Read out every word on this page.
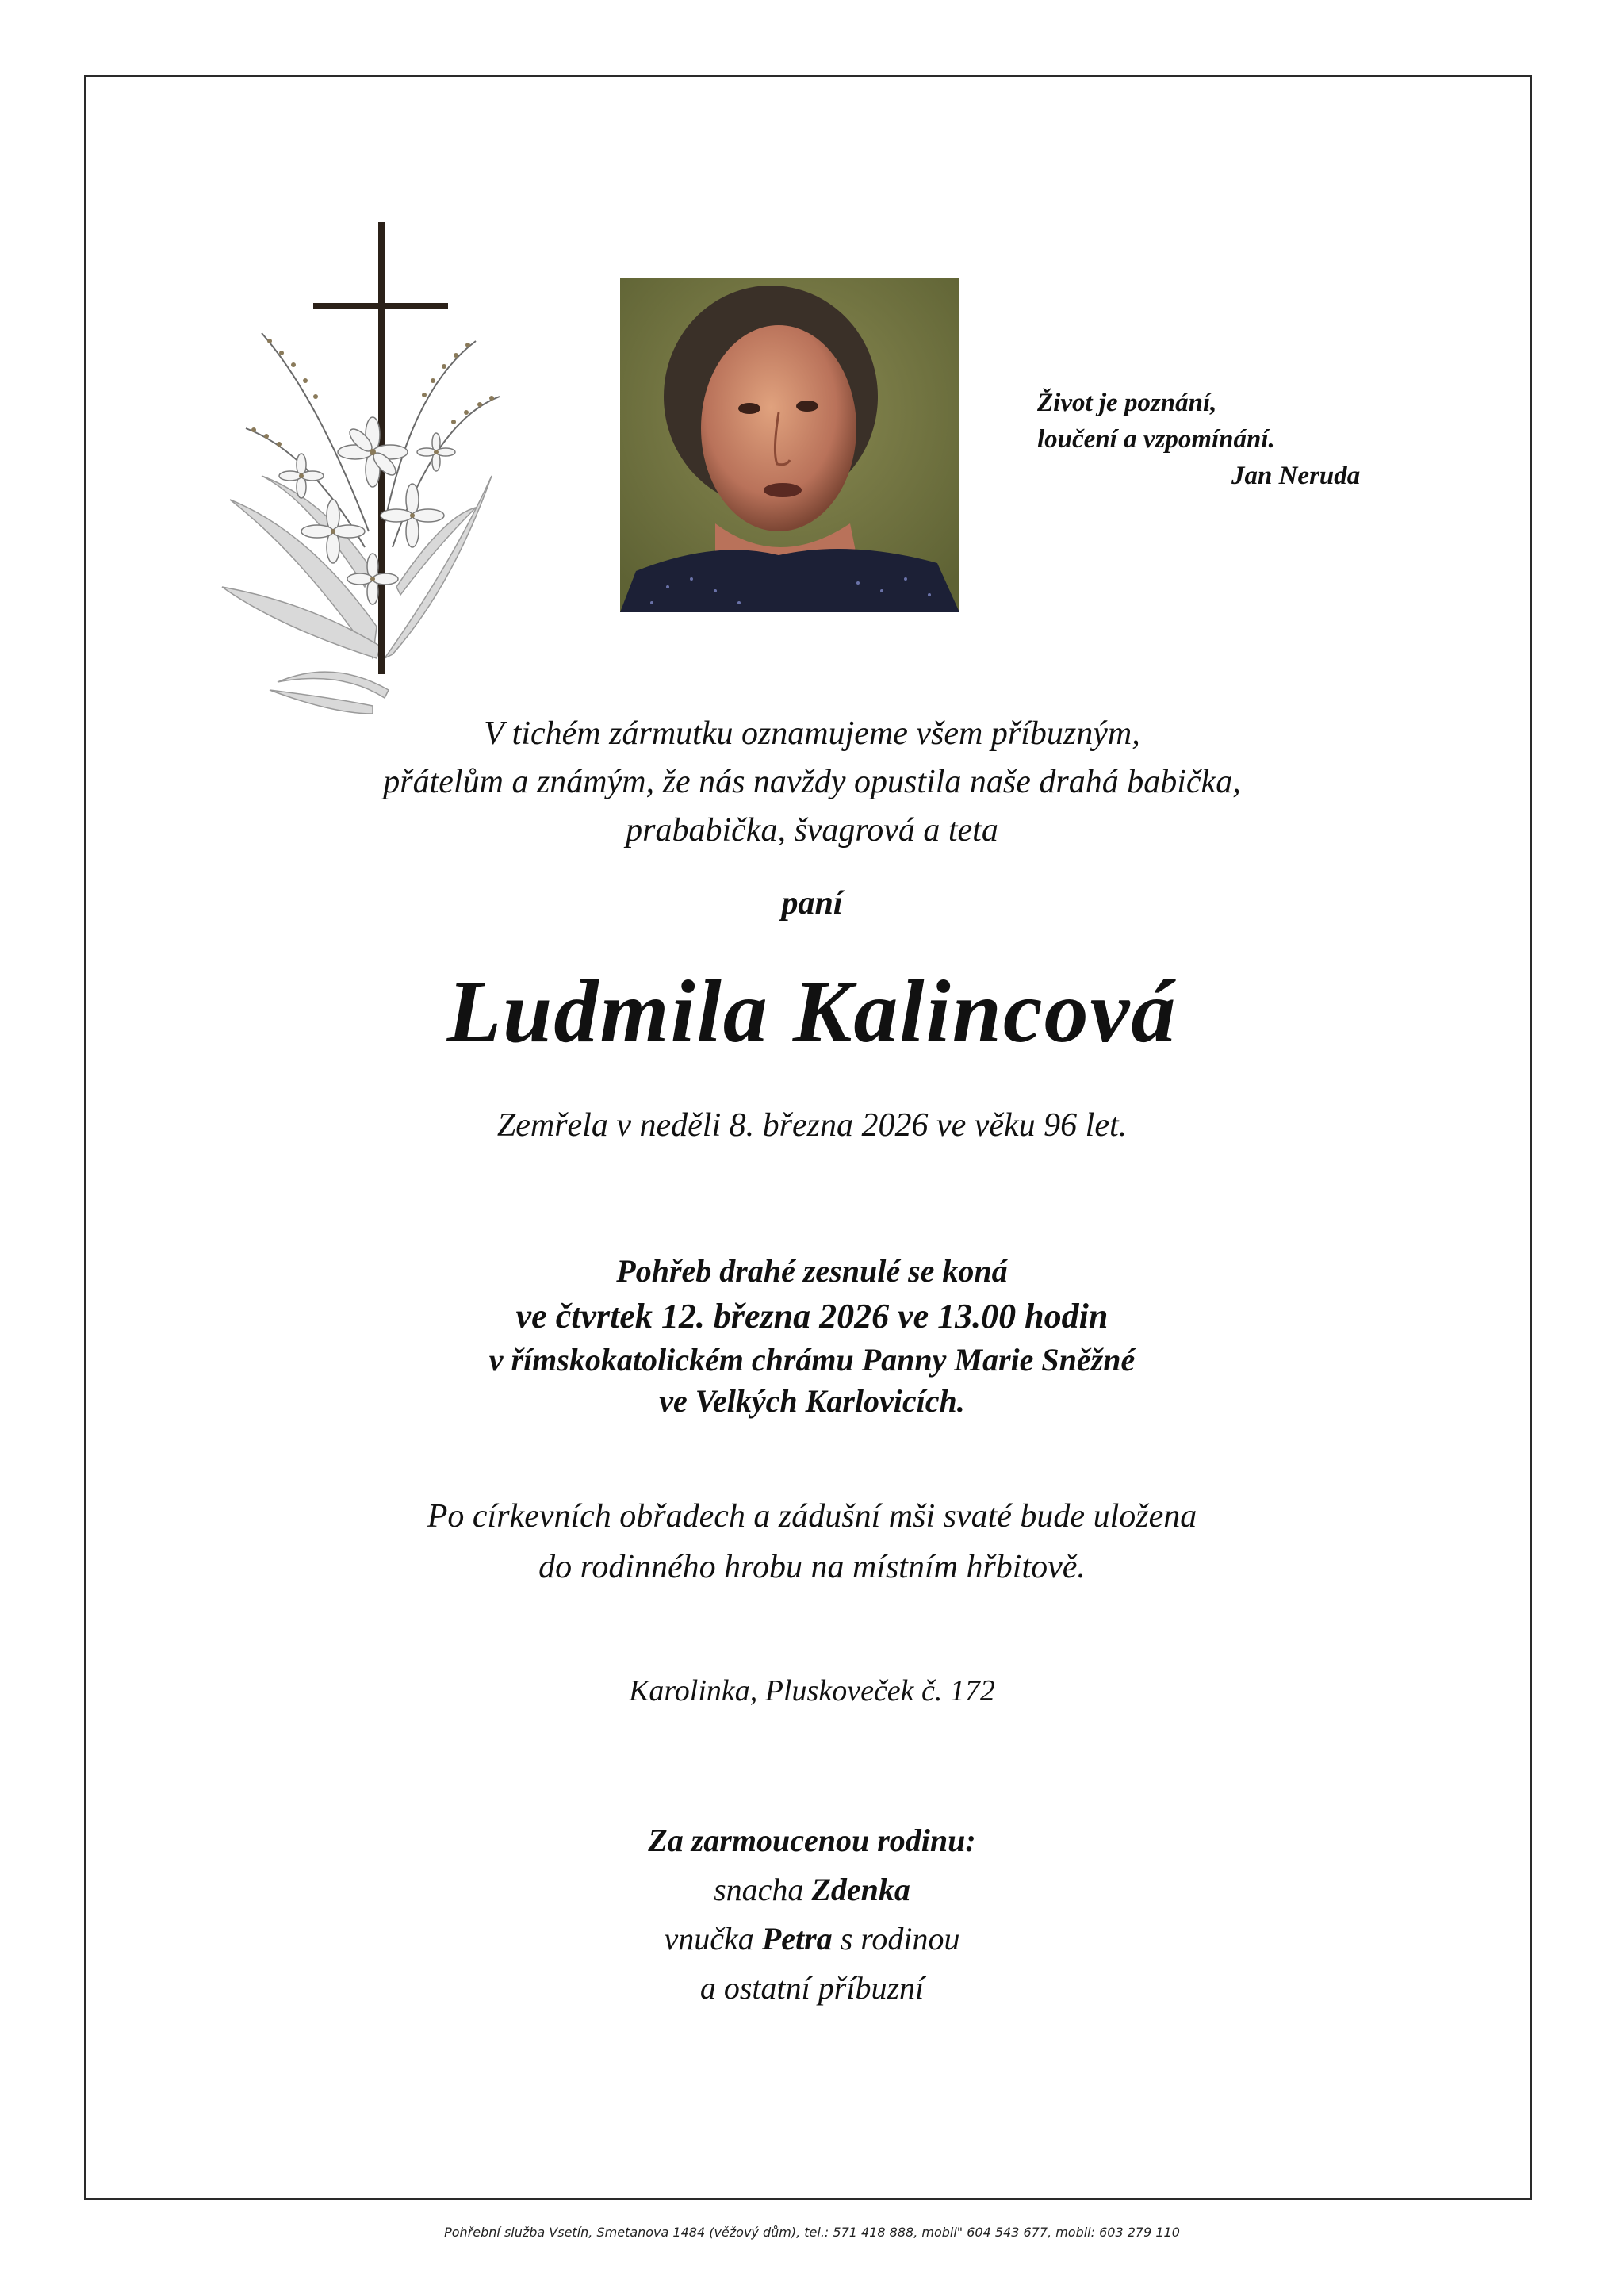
Život je poznání,
loučení a vzpomínání.
Jan Neruda
V tichém zármutku oznamujeme všem příbuzným,
přátelům a známým, že nás navždy opustila naše drahá babička,
prababička, švagrová a teta
paní
Ludmila Kalincová
Zemřela v neděli 8. března 2026 ve věku 96 let.
Pohřeb drahé zesnulé se koná
ve čtvrtek 12. března 2026 ve 13.00 hodin
v římskokatolickém chrámu Panny Marie Sněžné
ve Velkých Karlovicích.
Po církevních obřadech a zádušní mši svaté bude uložena
do rodinného hrobu na místním hřbitově.
Karolinka, Pluskoveček č. 172
Za zarmoucenou rodinu:
snacha Zdenka
vnučka Petra s rodinou
a ostatní příbuzní
Pohřební služba Vsetín, Smetanova 1484 (věžový dům), tel.: 571 418 888, mobil" 604 543 677, mobil: 603 279 110
